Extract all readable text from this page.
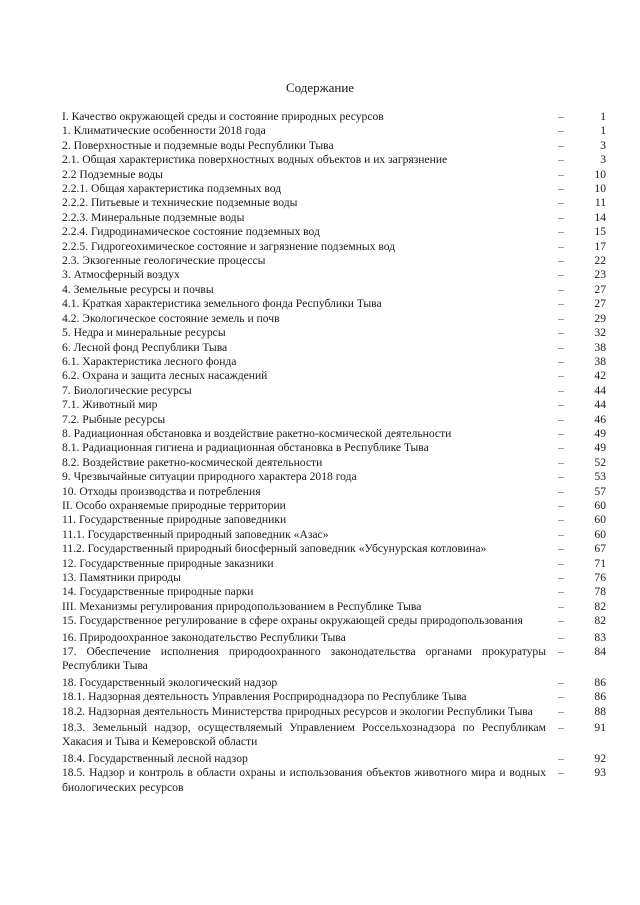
Содержание
I. Качество окружающей среды и состояние природных ресурсов	–	1
1. Климатические особенности 2018 года	–	1
2. Поверхностные и подземные воды Республики Тыва	–	3
2.1. Общая характеристика поверхностных водных объектов и их загрязнение	–	3
2.2 Подземные воды	–	10
2.2.1. Общая характеристика подземных вод	–	10
2.2.2. Питьевые и технические подземные воды	–	11
2.2.3. Минеральные подземные воды	–	14
2.2.4. Гидродинамическое состояние подземных вод	–	15
2.2.5. Гидрогеохимическое состояние и загрязнение подземных вод	–	17
2.3. Экзогенные геологические процессы	–	22
3. Атмосферный воздух	–	23
4. Земельные ресурсы и почвы	–	27
4.1. Краткая характеристика земельного фонда Республики Тыва	–	27
4.2. Экологическое состояние земель и почв	–	29
5. Недра и минеральные ресурсы	–	32
6. Лесной фонд Республики Тыва	–	38
6.1. Характеристика лесного фонда	–	38
6.2. Охрана и защита лесных насаждений	–	42
7. Биологические ресурсы	–	44
7.1. Животный мир	–	44
7.2. Рыбные ресурсы	–	46
8. Радиационная обстановка и воздействие ракетно-космической деятельности	–	49
8.1. Радиационная гигиена и радиационная обстановка в Республике Тыва	–	49
8.2. Воздействие ракетно-космической деятельности	–	52
9. Чрезвычайные ситуации природного характера 2018 года	–	53
10. Отходы производства и потребления	–	57
II. Особо охраняемые природные территории	–	60
11. Государственные природные заповедники	–	60
11.1. Государственный природный заповедник «Азас»	–	60
11.2. Государственный природный биосферный заповедник «Убсунурская котловина»	–	67
12. Государственные природные заказники	–	71
13. Памятники природы	–	76
14. Государственные природные парки	–	78
III. Механизмы регулирования природопользованием в Республике Тыва	–	82
15. Государственное регулирование в сфере охраны окружающей среды природопользования	–	82
16. Природоохранное законодательство Республики Тыва	–	83
17. Обеспечение исполнения природоохранного законодательства органами прокуратуры Республики Тыва
–	84
18. Государственный экологический надзор	–	86
18.1. Надзорная деятельность Управления Росприроднадзора по Республике Тыва	–	86
18.2. Надзорная деятельность Министерства природных ресурсов и экологии Республики Тыва	–	88
18.3. Земельный надзор, осуществляемый Управлением Россельхознадзора по Республикам Хакасия и Тыва и Кемеровской области
–	91
18.4. Государственный лесной надзор	–	92
18.5. Надзор и контроль в области охраны и использования объектов животного мира и водных биологических ресурсов
–	93
